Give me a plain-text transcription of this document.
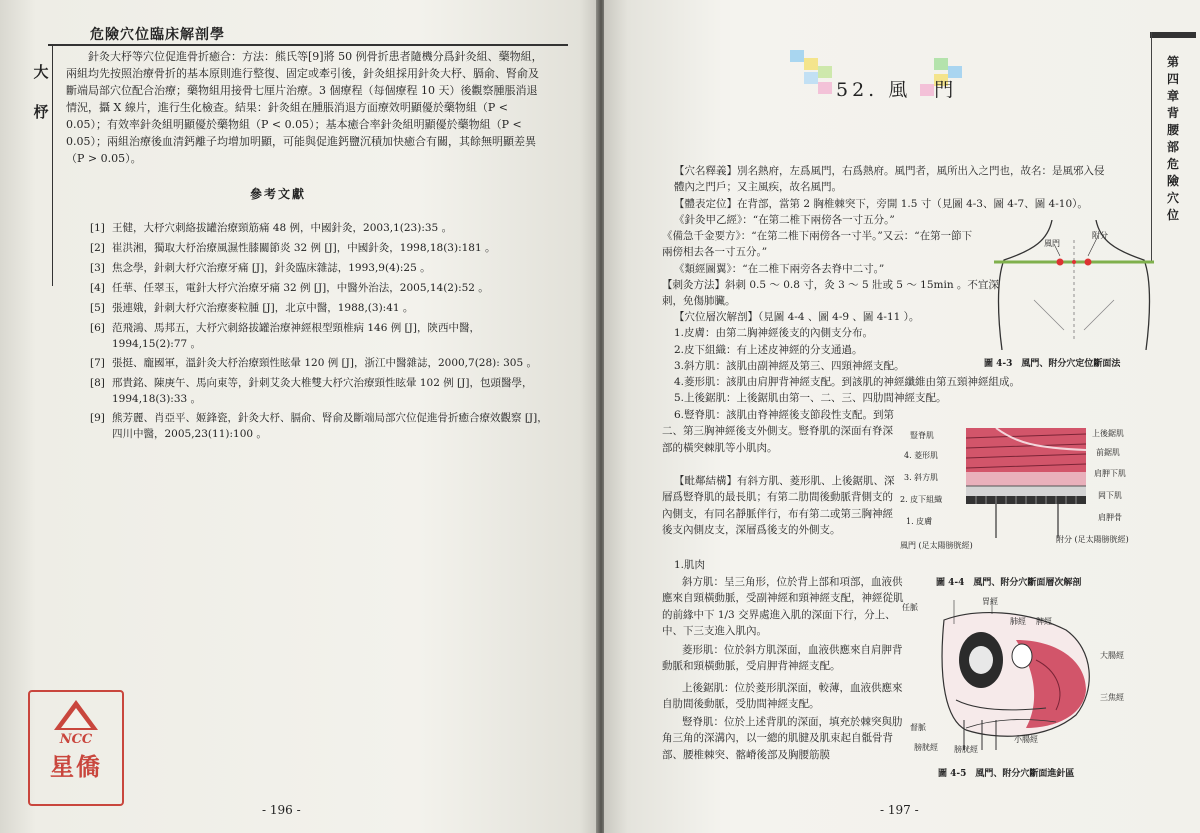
危險穴位臨床解剖學
大
杼
針灸大杼等穴位促進骨折癒合：方法：熊氏等[9]將 50 例骨折患者隨機分爲針灸組、藥物組，兩組均先按照治療骨折的基本原則進行整復、固定或牽引後，針灸組採用針灸大杼、膈俞、腎俞及斷端局部穴位配合治療；藥物組用接骨七厘片治療。3 個療程（每個療程 10 天）後觀察腫脹消退情況，攝 X 線片，進行生化檢查。結果：針灸組在腫脹消退方面療效明顯優於藥物組（P < 0.05）；有效率針灸組明顯優於藥物組（P < 0.05）；基本癒合率針灸組明顯優於藥物組（P < 0.05）；兩組治療後血清鈣離子均增加明顯，可能與促進鈣鹽沉積加快癒合有關，其餘無明顯差異（P > 0.05）。
參考文獻
[1] 王健，大杼穴刺絡拔罐治療頸筋痛 48 例，中國針灸，2003,1(23):35 。
[2] 崔洪湘，獨取大杼治療風濕性膝關節炎 32 例 [J]，中國針灸，1998,18(3):181 。
[3] 焦念學，針刺大杼穴治療牙痛 [J]，針灸臨床雜誌，1993,9(4):25 。
[4] 任華、任翠玉，電針大杼穴治療牙痛 32 例 [J]，中醫外治法，2005,14(2):52 。
[5] 張連娥，針刺大杼穴治療麥粒腫 [J]，北京中醫，1988,(3):41 。
[6] 范飛鴻、馬邦五，大杼穴刺絡拔罐治療神經根型頸椎病 146 例 [J]，陝西中醫，1994,15(2):77 。
[7] 張挺、龐國軍，溫針灸大杼治療頸性眩暈 120 例 [J]，浙江中醫雜誌，2000,7(28): 305 。
[8] 邢貴銘、陳庚午、馬向東等，針刺艾灸大椎雙大杼穴治療頸性眩暈 102 例 [J]，包頭醫學，1994,18(3):33 。
[9] 熊芳麗、肖亞平、姬鋒瓷，針灸大杼、膈俞、腎俞及斷端局部穴位促進骨折癒合療效觀察 [J]，四川中醫，2005,23(11):100 。
NCC
星僑
- 196 -
52. 風　門
第四章　背腰部危險穴位
【穴名釋義】別名熱府，左爲風門，右爲熱府。風門者，風所出入之門也，故名：是風邪入侵體內之門戶；又主風疾，故名風門。
【體表定位】在背部，當第 2 胸椎棘突下，旁開 1.5 寸（見圖 4-3、圖 4-7、圖 4-10）。
《針灸甲乙經》：“在第二椎下兩傍各一寸五分。”
《備急千金要方》：“在第二椎下兩傍各一寸半。”又云：“在第一節下兩傍相去各一寸五分。”
《類經圖翼》：“在二椎下兩旁各去脊中二寸。”
【刺灸方法】斜刺 0.5 ～ 0.8 寸，灸 3 ～ 5 壯或 5 ～ 15min 。不宜深刺，免傷肺臟。
【穴位層次解剖】（見圖 4-4 、圖 4-9 、圖 4-11 ）。
1.皮膚：由第二胸神經後支的內側支分布。
2.皮下組織：有上述皮神經的分支通過。
3.斜方肌：該肌由副神經及第三、四頸神經支配。
4.菱形肌：該肌由肩胛背神經支配。到該肌的神經纖維由第五頸神經組成。
5.上後鋸肌：上後鋸肌由第一、二、三、四肋間神經支配。
6.豎脊肌：該肌由脊神經後支節段性支配。到第二、第三胸神經後支外側支。豎脊肌的深面有脊深部的橫突棘肌等小肌肉。
【毗鄰結構】有斜方肌、菱形肌、上後鋸肌、深層爲豎脊肌的最長肌；有第二肋間後動脈背側支的內側支，有同名靜脈伴行，布有第二或第三胸神經後支內側皮支，深層爲後支的外側支。
1.肌肉
斜方肌：呈三角形，位於背上部和項部，血液供應來自頸橫動脈，受副神經和頸神經支配，神經從肌的前緣中下 1/3 交界處進入肌的深面下行，分上、中、下三支進入肌內。
菱形肌：位於斜方肌深面，血液供應來自肩胛背動脈和頸橫動脈，受肩胛背神經支配。
上後鋸肌：位於菱形肌深面，較薄，血液供應來自肋間後動脈，受肋間神經支配。
豎脊肌：位於上述背肌的深面，填充於棘突與肋角三角的深溝內，以一總的肌腱及肌束起自骶骨背部、腰椎棘突、髂嵴後部及胸腰筋膜
風門
附分
圖 4-3　風門、附分穴定位斷面法
豎脊肌
4. 菱形肌
3. 斜方肌
2. 皮下組織
1. 皮膚
上後鋸肌
前鋸肌
肩胛下肌
岡下肌
肩胛骨
風門 (足太陽膀胱經)
附分 (足太陽膀胱經)
圖 4-4　風門、附分穴斷面層次解剖
任脈
胃經
肺經 脾經
大腸經
三焦經
督脈
膀胱經 膀胱經
小腸經
圖 4-5　風門、附分穴斷面進針區
- 197 -
